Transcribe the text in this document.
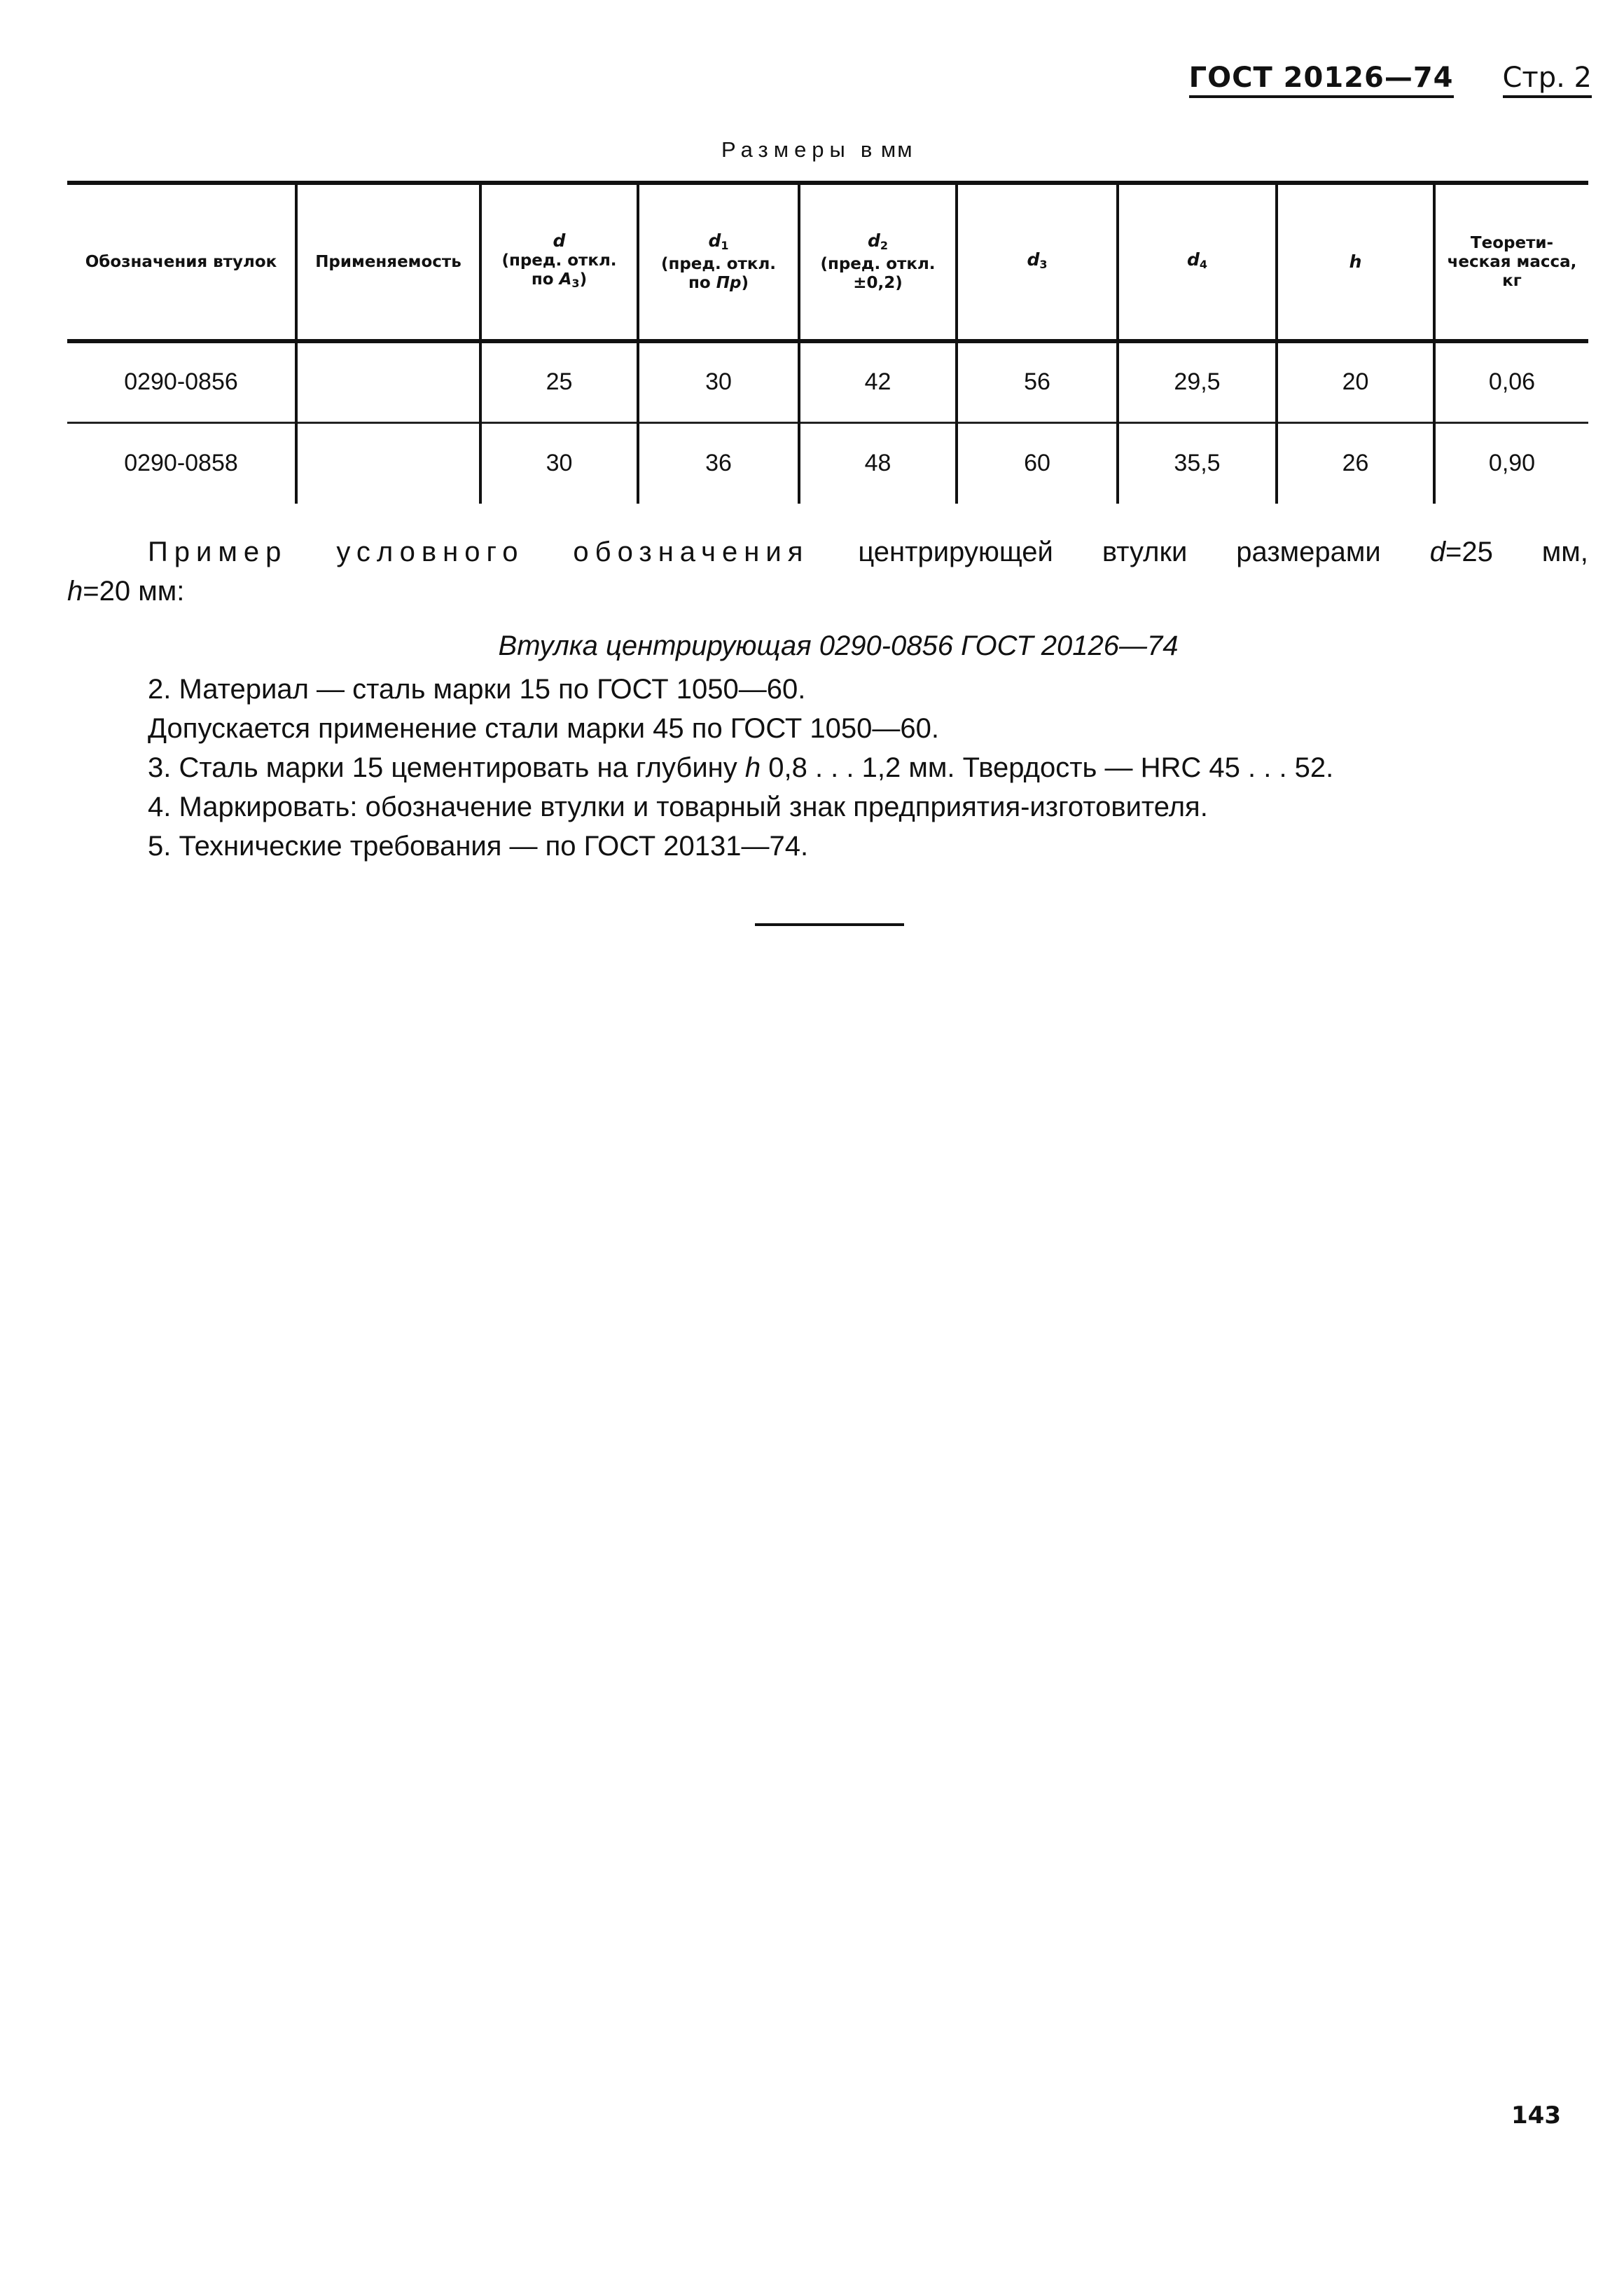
ГОСТ 20126—74 Стр. 2
Размеры в мм
Обозначения втулок	Применяемость	d
(пред. откл.
по $A_3$)	$d_1$
(пред. откл.
по Пр)	$d_2$
(пред. откл.
±0,2)	$d_3$	$d_4$	h	Теорети-
ческая масса,
кг
0290-0856		25	30	42	56	29,5	20	0,06
0290-0858		30	36	48	60	35,5	26	0,90

Пример условного обозначения центрирующей втулки размерами d=25 мм,

h=20 мм:

Втулка центрирующая 0290-0856 ГОСТ 20126—74

2. Материал — сталь марки 15 по ГОСТ 1050—60.

Допускается применение стали марки 45 по ГОСТ 1050—60.

3. Сталь марки 15 цементировать на глубину h 0,8 . . . 1,2 мм. Твердость — HRC 45 . . . 52.

4. Маркировать: обозначение втулки и товарный знак предприятия-изготовителя.

5. Технические требования — по ГОСТ 20131—74.

143
